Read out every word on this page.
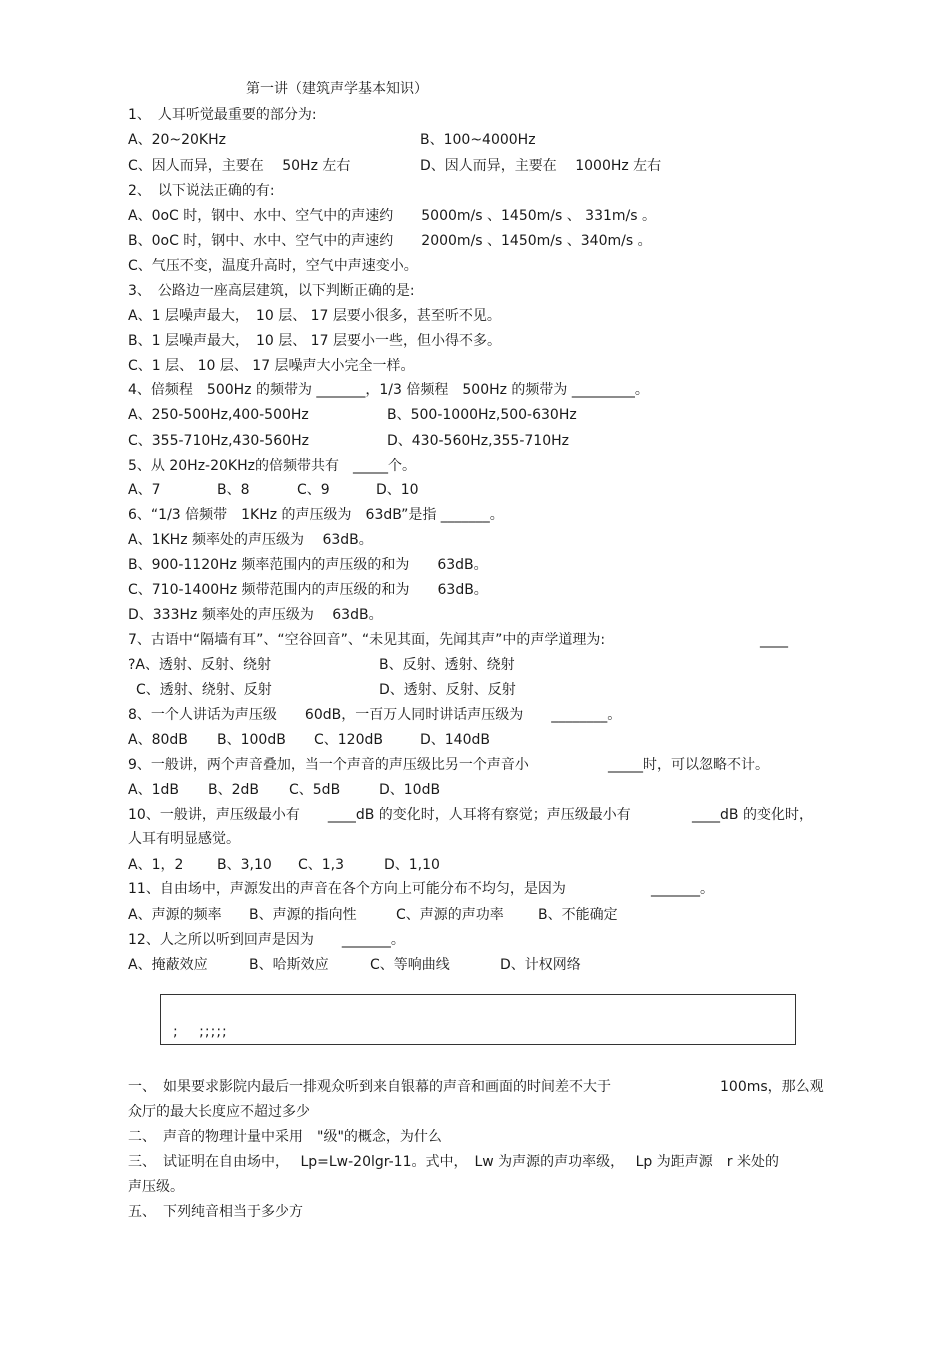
第一讲（建筑声学基本知识）
1、　人耳听觉最重要的部分为:
A、20~20KHz	B、100~4000Hz
C、因人而异，主要在　 50Hz 左右	D、因人而异，主要在　 1000Hz 左右
2、　以下说法正确的有:
A、0oC 时，钢中、水中、空气中的声速约　　5000m/s 、1450m/s 、 331m/s 。
B、0oC 时，钢中、水中、空气中的声速约　　2000m/s 、1450m/s 、340m/s 。
C、气压不变，温度升高时，空气中声速变小。
3、　公路边一座高层建筑，以下判断正确的是:
A、1 层噪声最大，　10 层、 17 层要小很多，甚至听不见。
B、1 层噪声最大，　10 层、 17 层要小一些，但小得不多。
C、1 层、 10 层、 17 层噪声大小完全一样。
4、倍频程　500Hz 的频带为 _______，1/3 倍频程　500Hz 的频带为 _________。
A、250-500Hz,400-500Hz	B、500-1000Hz,500-630Hz
C、355-710Hz,430-560Hz	D、430-560Hz,355-710Hz
5、从 20Hz-20KHz的倍频带共有　_____个。
A、7	B、8	C、9	D、10
6、“1/3 倍频带　1KHz 的声压级为　63dB”是指 _______。
A、1KHz 频率处的声压级为　 63dB。
B、900-1120Hz 频率范围内的声压级的和为　　63dB。
C、710-1400Hz 频带范围内的声压级的和为　　63dB。
D、333Hz 频率处的声压级为　 63dB。
7、古语中“隔墙有耳”、“空谷回音”、“未见其面，先闻其声”中的声学道理为:	____
?A、透射、反射、绕射	B、反射、透射、绕射
C、透射、绕射、反射	D、透射、反射、反射
8、一个人讲话为声压级　　60dB，一百万人同时讲话声压级为　　________。
A、80dB B、100dB C、120dB	D、140dB
9、一般讲，两个声音叠加，当一个声音的声压级比另一个声音小	_____时，可以忽略不计。
A、1dB B、2dB C、5dB	D、10dB
10、一般讲，声压级最小有　　____dB 的变化时，人耳将有察觉；声压级最小有	____dB 的变化时，
人耳有明显感觉。
A、1，2 B、3,10 C、1,3	D、1,10
11、自由场中，声源发出的声音在各个方向上可能分布不均匀，是因为	_______。
A、声源的频率 B、声源的指向性	C、声源的声功率 B、不能确定
12、人之所以听到回声是因为　　_______。
A、掩蔽效应	B、哈斯效应	C、等响曲线	D、计权网络
;　 ;;;;;
一、　如果要求影院内最后一排观众听到来自银幕的声音和画面的时间差不大于	100ms，那么观
众厅的最大长度应不超过多少
二、　声音的物理计量中采用　"级"的概念，为什么
三、　试证明在自由场中，　 Lp=Lw-20lgr-11。式中，　Lw 为声源的声功率级，　 Lp 为距声源　r 米处的
声压级。
五、　下列纯音相当于多少方
